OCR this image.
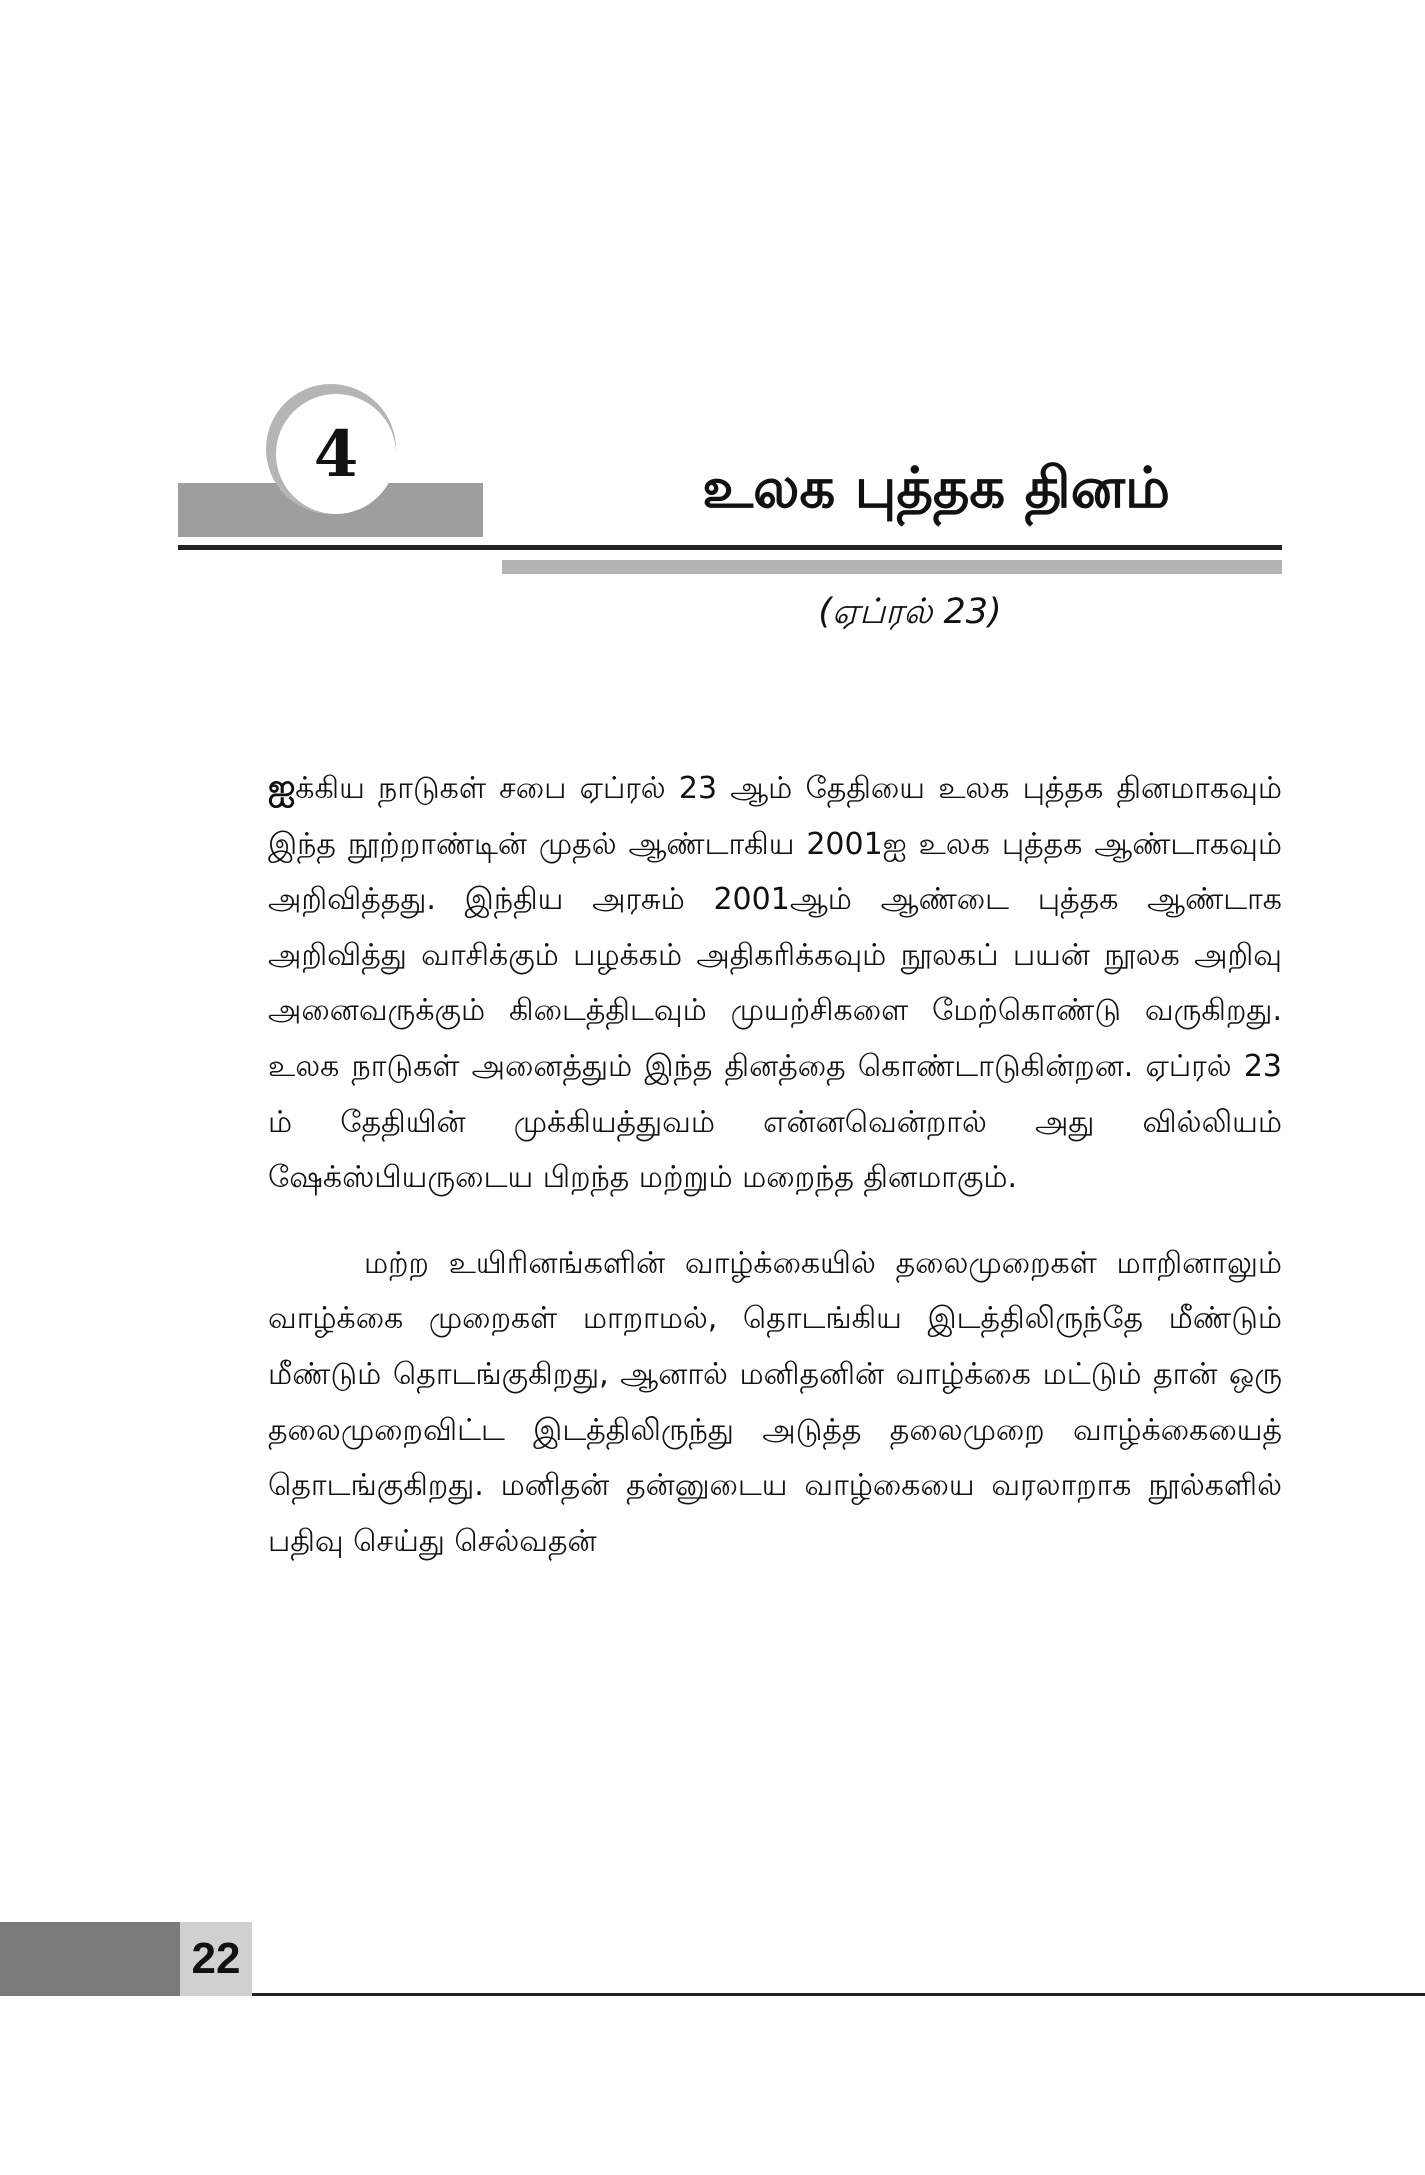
4	உலக புத்தக தினம்
(ஏப்ரல் 23)

ஐக்கிய நாடுகள் சபை ஏப்ரல் 23 ஆம் தேதியை உலக புத்தக தினமாகவும் இந்த நூற்றாண்டின் முதல் ஆண்டாகிய 2001ஐ உலக புத்தக ஆண்டாகவும் அறிவித்தது. இந்திய அரசும் 2001ஆம் ஆண்டை புத்தக ஆண்டாக அறிவித்து வாசிக்கும் பழக்கம் அதிகரிக்கவும் நூலகப் பயன் நூலக அறிவு அனைவருக்கும் கிடைத்திடவும் முயற்சிகளை மேற்கொண்டு வருகிறது. உலக நாடுகள் அனைத்தும் இந்த தினத்தை கொண்டாடுகின்றன. ஏப்ரல் 23 ம் தேதியின் முக்கியத்துவம் என்னவென்றால் அது வில்லியம் ஷேக்ஸ்பியருடைய பிறந்த மற்றும் மறைந்த தினமாகும்.

மற்ற உயிரினங்களின் வாழ்க்கையில் தலைமுறைகள் மாறினாலும் வாழ்க்கை முறைகள் மாறாமல், தொடங்கிய இடத்திலிருந்தே மீண்டும் மீண்டும் தொடங்குகிறது, ஆனால் மனிதனின் வாழ்க்கை மட்டும் தான் ஒரு தலைமுறைவிட்ட இடத்திலிருந்து அடுத்த தலைமுறை வாழ்க்கையைத் தொடங்குகிறது. மனிதன் தன்னுடைய வாழ்கையை வரலாறாக நூல்களில் பதிவு செய்து செல்வதன்

22
